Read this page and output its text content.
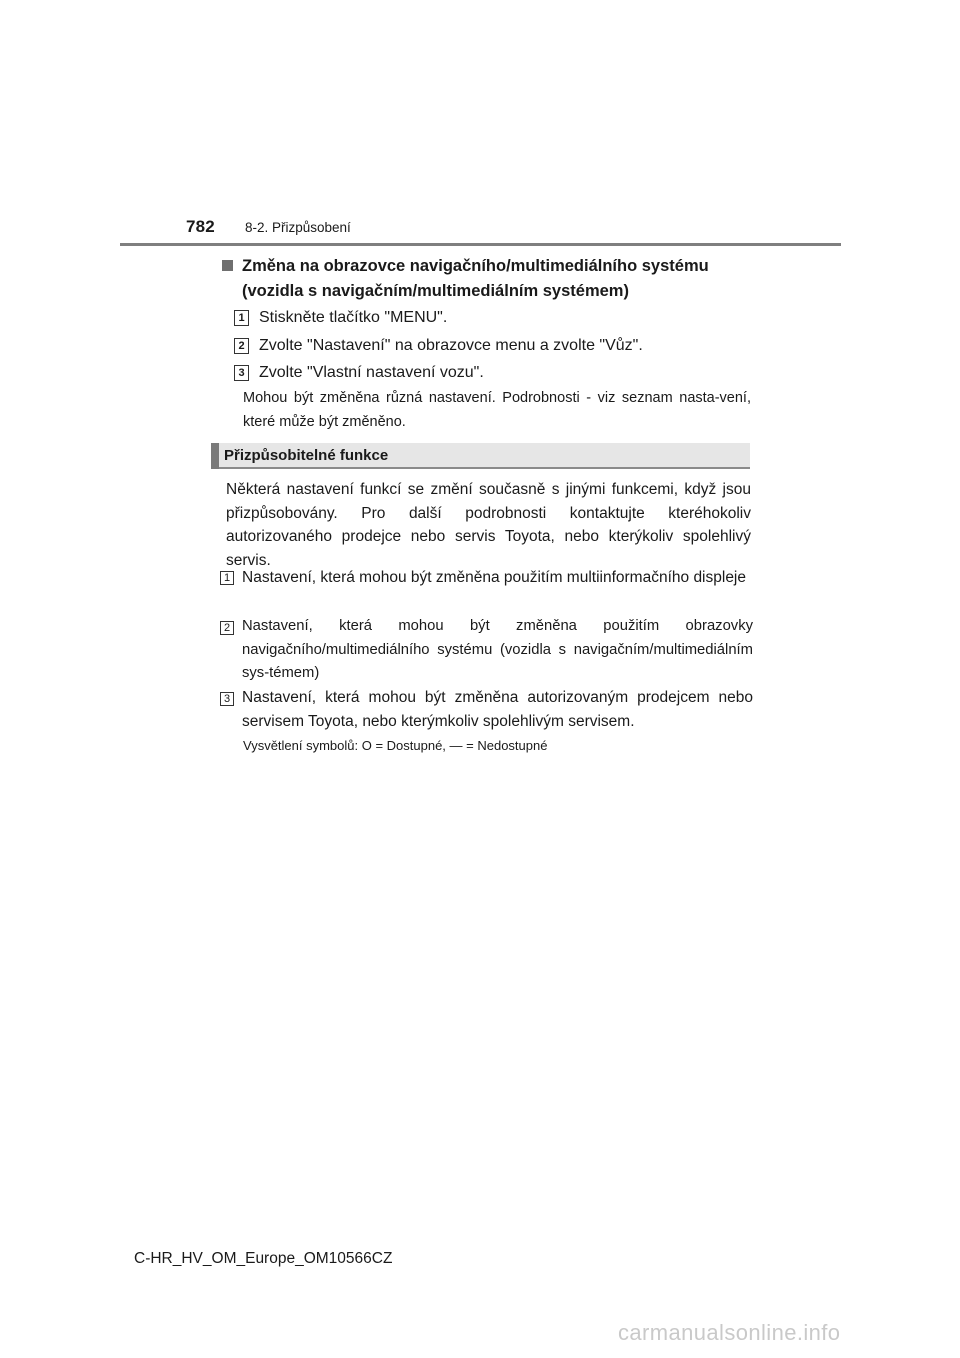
782 8-2. Přizpůsobení
Změna na obrazovce navigačního/multimediálního systému (vozidla s navigačním/multimediálním systémem)
1 Stiskněte tlačítko "MENU".
2 Zvolte "Nastavení" na obrazovce menu a zvolte "Vůz".
3 Zvolte "Vlastní nastavení vozu".
Mohou být změněna různá nastavení. Podrobnosti - viz seznam nasta-vení, které může být změněno.
Přizpůsobitelné funkce
Některá nastavení funkcí se změní současně s jinými funkcemi, když jsou přizpůsobovány. Pro další podrobnosti kontaktujte kteréhokoliv autorizovaného prodejce nebo servis Toyota, nebo kterýkoliv spolehlivý servis.
1 Nastavení, která mohou být změněna použitím multiinformačního displeje
2 Nastavení, která mohou být změněna použitím obrazovky navigačního/multimediálního systému (vozidla s navigačním/multimediálním sys-témem)
3 Nastavení, která mohou být změněna autorizovaným prodejcem nebo servisem Toyota, nebo kterýmkoliv spolehlivým servisem.
Vysvětlení symbolů: O = Dostupné, — = Nedostupné
C-HR_HV_OM_Europe_OM10566CZ
carmanualsonline.info
